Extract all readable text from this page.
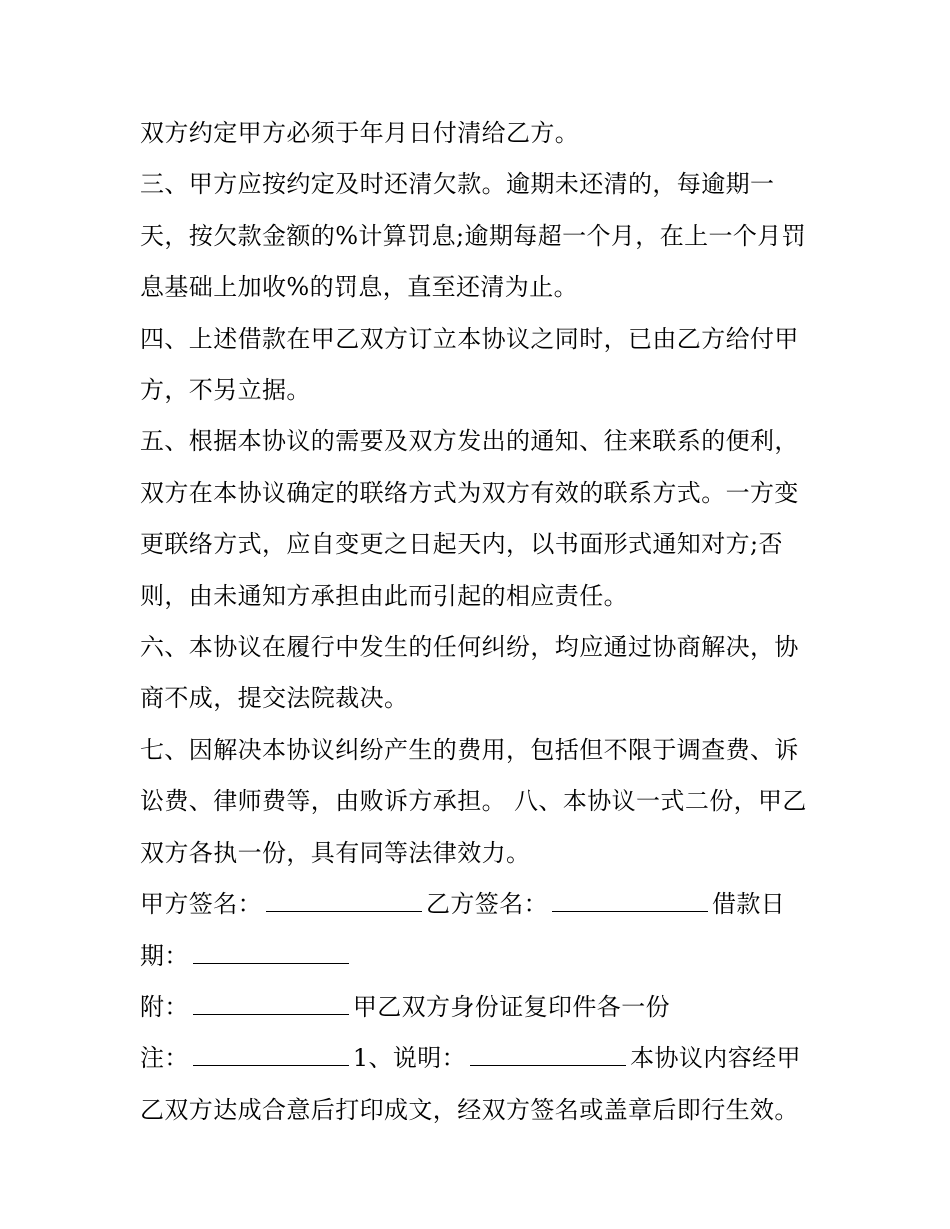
双方约定甲方必须于年月日付清给乙方。

三、甲方应按约定及时还清欠款。逾期未还清的，每逾期一天，按欠款金额的%计算罚息;逾期每超一个月，在上一个月罚息基础上加收%的罚息，直至还清为止。

四、上述借款在甲乙双方订立本协议之同时，已由乙方给付甲方，不另立据。

五、根据本协议的需要及双方发出的通知、往来联系的便利，双方在本协议确定的联络方式为双方有效的联系方式。一方变更联络方式，应自变更之日起天内，以书面形式通知对方;否则，由未通知方承担由此而引起的相应责任。

六、本协议在履行中发生的任何纠纷，均应通过协商解决，协商不成，提交法院裁决。

七、因解决本协议纠纷产生的费用，包括但不限于调查费、诉讼费、律师费等，由败诉方承担。 八、本协议一式二份，甲乙双方各执一份，具有同等法律效力。

甲方签名：	乙方签名：	借款日期：

附：	甲乙双方身份证复印件各一份

注：	1、说明：	本协议内容经甲乙双方达成合意后打印成文，经双方签名或盖章后即行生效。
